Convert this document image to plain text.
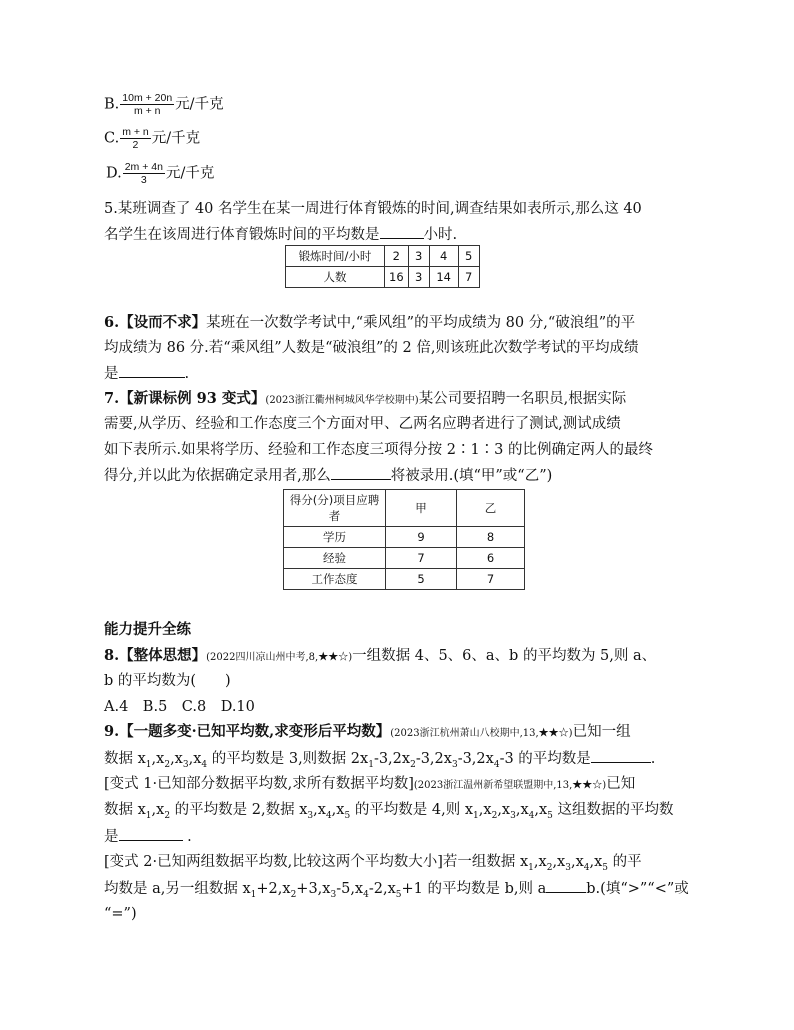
B. $\frac{10m + 20n}{m + n}$ 元/千克
C. $\frac{m + n}{2}$ 元/千克
D. $\frac{2m + 4n}{3}$ 元/千克
5.某班调查了 40 名学生在某一周进行体育锻炼的时间,调查结果如表所示,那么这 40
名学生在该周进行体育锻炼时间的平均数是	小时.
锻炼时间/小时	2	3	4	5
人数	16	3	14	7
6.【设而不求】某班在一次数学考试中,“乘风组”的平均成绩为 80 分,“破浪组”的平
均成绩为 86 分.若“乘风组”人数是“破浪组”的 2 倍,则该班此次数学考试的平均成绩
是	.
7.【新课标例 93 变式】(2023浙江衢州柯城风华学校期中)某公司要招聘一名职员,根据实际
需要,从学历、经验和工作态度三个方面对甲、乙两名应聘者进行了测试,测试成绩
如下表所示.如果将学历、经验和工作态度三项得分按 2∶1∶3 的比例确定两人的最终
得分,并以此为依据确定录用者,那么	将被录用.(填“甲”或“乙”)
得分(分)项目应聘
者	甲	乙
学历	9	8
经验	7	6
工作态度	5	7
能力提升全练
8.【整体思想】(2022四川凉山州中考,8,★★☆)一组数据 4、5、6、a、b 的平均数为 5,则 a、
b 的平均数为(　　)
A.4　B.5　C.8　D.10
9.【一题多变·已知平均数,求变形后平均数】(2023浙江杭州萧山八校期中,13,★★☆)已知一组
数据 $x_1,x_2,x_3,x_4$ 的平均数是 3,则数据 $2x_1-3,2x_2-3,2x_3-3,2x_4-3$ 的平均数是	.
[变式 1·已知部分数据平均数,求所有数据平均数](2023浙江温州新希望联盟期中,13,★★☆)已知
数据 $x_1,x_2$ 的平均数是 2,数据 $x_3,x_4,x_5$ 的平均数是 4,则 $x_1,x_2,x_3,x_4,x_5$ 这组数据的平均数
是	.
[变式 2·已知两组数据平均数,比较这两个平均数大小]若一组数据 $x_1,x_2,x_3,x_4,x_5$ 的平
均数是 a,另一组数据 $x_1+2,x_2+3,x_3-5,x_4-2,x_5+1$ 的平均数是 b,则 a	b.(填“>”“<”或
“=”)
